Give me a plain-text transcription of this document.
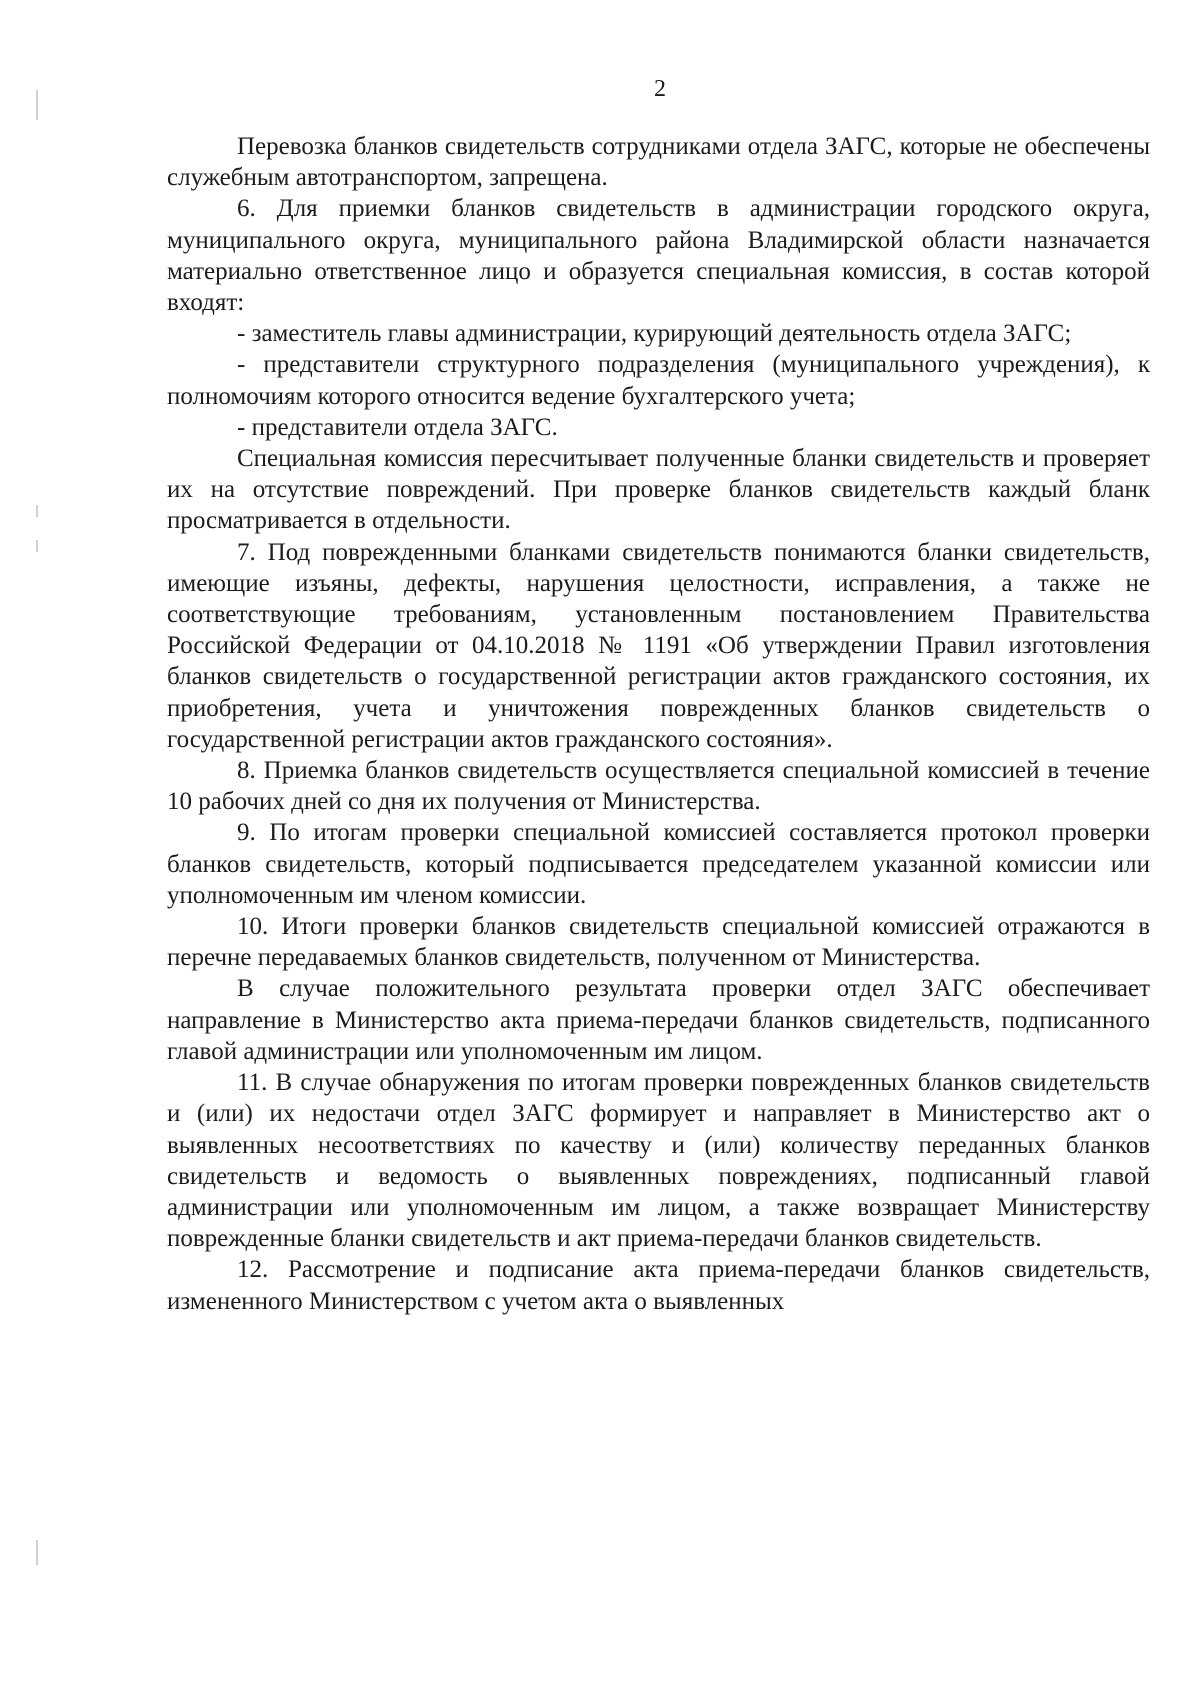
2

Перевозка бланков свидетельств сотрудниками отдела ЗАГС, которые не обеспечены служебным автотранспортом, запрещена.

6. Для приемки бланков свидетельств в администрации городского округа, муниципального округа, муниципального района Владимирской области назначается материально ответственное лицо и образуется специальная комиссия, в состав которой входят:

- заместитель главы администрации, курирующий деятельность отдела ЗАГС;

- представители структурного подразделения (муниципального учреждения), к полномочиям которого относится ведение бухгалтерского учета;

- представители отдела ЗАГС.

Специальная комиссия пересчитывает полученные бланки свидетельств и проверяет их на отсутствие повреждений. При проверке бланков свидетельств каждый бланк просматривается в отдельности.

7. Под поврежденными бланками свидетельств понимаются бланки свидетельств, имеющие изъяны, дефекты, нарушения целостности, исправления, а также не соответствующие требованиям, установленным постановлением Правительства Российской Федерации от 04.10.2018 № 1191 «Об утверждении Правил изготовления бланков свидетельств о государственной регистрации актов гражданского состояния, их приобретения, учета и уничтожения поврежденных бланков свидетельств о государственной регистрации актов гражданского состояния».

8. Приемка бланков свидетельств осуществляется специальной комиссией в течение 10 рабочих дней со дня их получения от Министерства.

9. По итогам проверки специальной комиссией составляется протокол проверки бланков свидетельств, который подписывается председателем указанной комиссии или уполномоченным им членом комиссии.

10. Итоги проверки бланков свидетельств специальной комиссией отражаются в перечне передаваемых бланков свидетельств, полученном от Министерства.

В случае положительного результата проверки отдел ЗАГС обеспечивает направление в Министерство акта приема-передачи бланков свидетельств, подписанного главой администрации или уполномоченным им лицом.

11. В случае обнаружения по итогам проверки поврежденных бланков свидетельств и (или) их недостачи отдел ЗАГС формирует и направляет в Министерство акт о выявленных несоответствиях по качеству и (или) количеству переданных бланков свидетельств и ведомость о выявленных повреждениях, подписанный главой администрации или уполномоченным им лицом, а также возвращает Министерству поврежденные бланки свидетельств и акт приема-передачи бланков свидетельств.

12. Рассмотрение и подписание акта приема-передачи бланков свидетельств, измененного Министерством с учетом акта о выявленных
